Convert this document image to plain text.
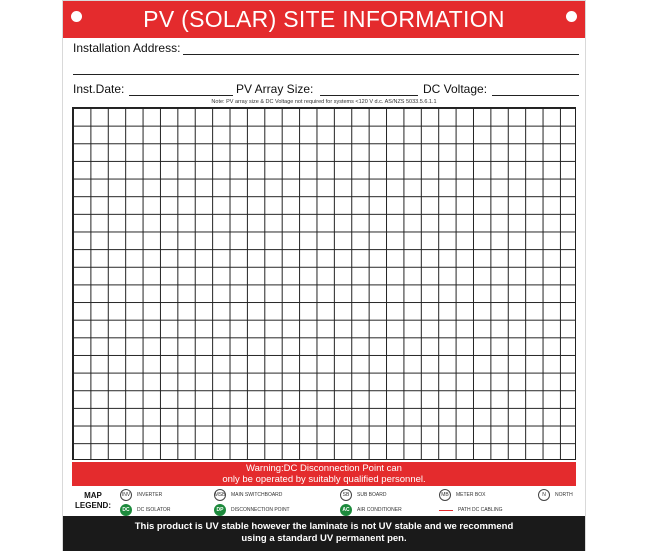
PV (SOLAR) SITE INFORMATION
Installation Address:
Inst.Date:	PV Array Size:	DC Voltage:
Note: PV array size & DC Voltage not required for systems <120 V d.c. AS/NZS 5033.5.6.1.1
Warning:DC Disconnection Point can
only be operated by suitably qualified personnel.
MAP
LEGEND:
INV	INVERTER	MSB MAIN SWITCHBOARD	SB	SUB BOARD	MB	METER BOX	N	NORTH
DC	DC ISOLATOR	DP	DISCONNECTION POINT	AC	AIR CONDITIONER	PATH DC CABLING
This product is UV stable however the laminate is not UV stable and we recommend
using a standard UV permanent pen.
